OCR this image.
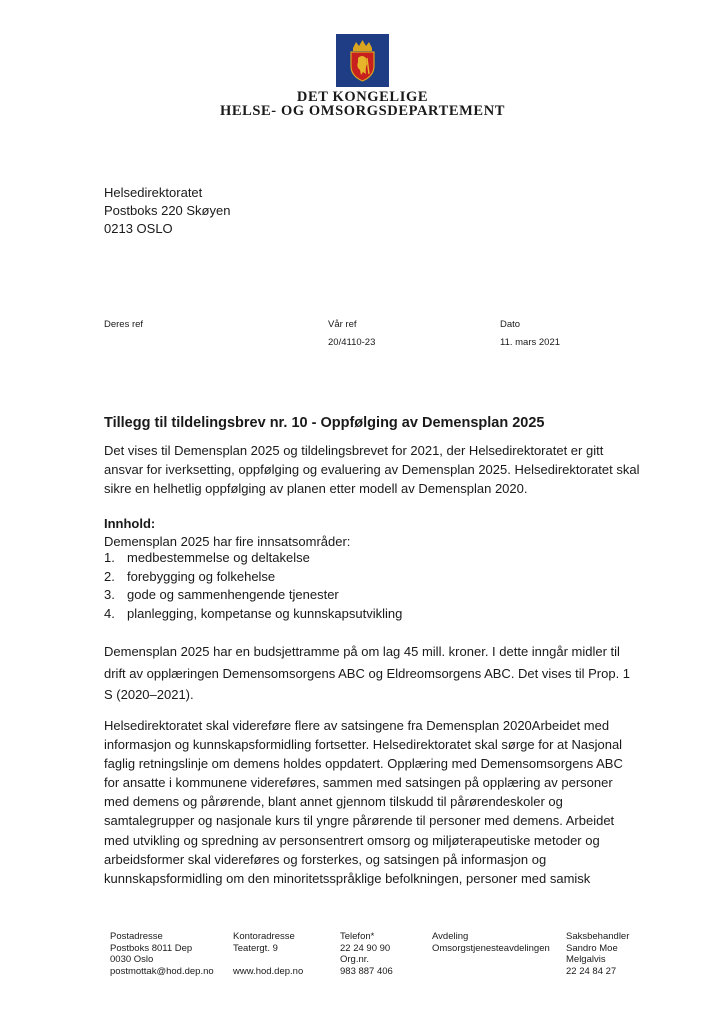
DET KONGELIGE
HELSE- OG OMSORGSDEPARTEMENT
Helsedirektoratet
Postboks 220 Skøyen
0213 OSLO
Deres ref	Vår ref
20/4110-23
Dato
11. mars 2021
Tillegg til tildelingsbrev nr. 10 - Oppfølging av Demensplan 2025

Det vises til Demensplan 2025 og tildelingsbrevet for 2021, der Helsedirektoratet er gitt

ansvar for iverksetting, oppfølging og evaluering av Demensplan 2025. Helsedirektoratet skal

sikre en helhetlig oppfølging av planen etter modell av Demensplan 2020.

Innhold:
Demensplan 2025 har fire innsatsområder:
1. medbestemmelse og deltakelse
2. forebygging og folkehelse
3. gode og sammenhengende tjenester
4. planlegging, kompetanse og kunnskapsutvikling

Demensplan 2025 har en budsjettramme på om lag 45 mill. kroner. I dette inngår midler til

drift av opplæringen Demensomsorgens ABC og Eldreomsorgens ABC. Det vises til Prop. 1

S (2020–2021).

Helsedirektoratet skal videreføre flere av satsingene fra Demensplan 2020Arbeidet med

informasjon og kunnskapsformidling fortsetter. Helsedirektoratet skal sørge for at Nasjonal

faglig retningslinje om demens holdes oppdatert. Opplæring med Demensomsorgens ABC

for ansatte i kommunene videreføres, sammen med satsingen på opplæring av personer

med demens og pårørende, blant annet gjennom tilskudd til pårørendeskoler og

samtalegrupper og nasjonale kurs til yngre pårørende til personer med demens. Arbeidet

med utvikling og spredning av personsentrert omsorg og miljøterapeutiske metoder og

arbeidsformer skal videreføres og forsterkes, og satsingen på informasjon og

kunnskapsformidling om den minoritetsspråklige befolkningen, personer med samisk

Postadresse
Postboks 8011 Dep
0030 Oslo
postmottak@hod.dep.no
Kontoradresse
Teatergt. 9
www.hod.dep.no
Telefon*
22 24 90 90
Org.nr.
983 887 406
Avdeling
Omsorgstjenesteavdelingen
Saksbehandler
Sandro Moe
Melgalvis
22 24 84 27
